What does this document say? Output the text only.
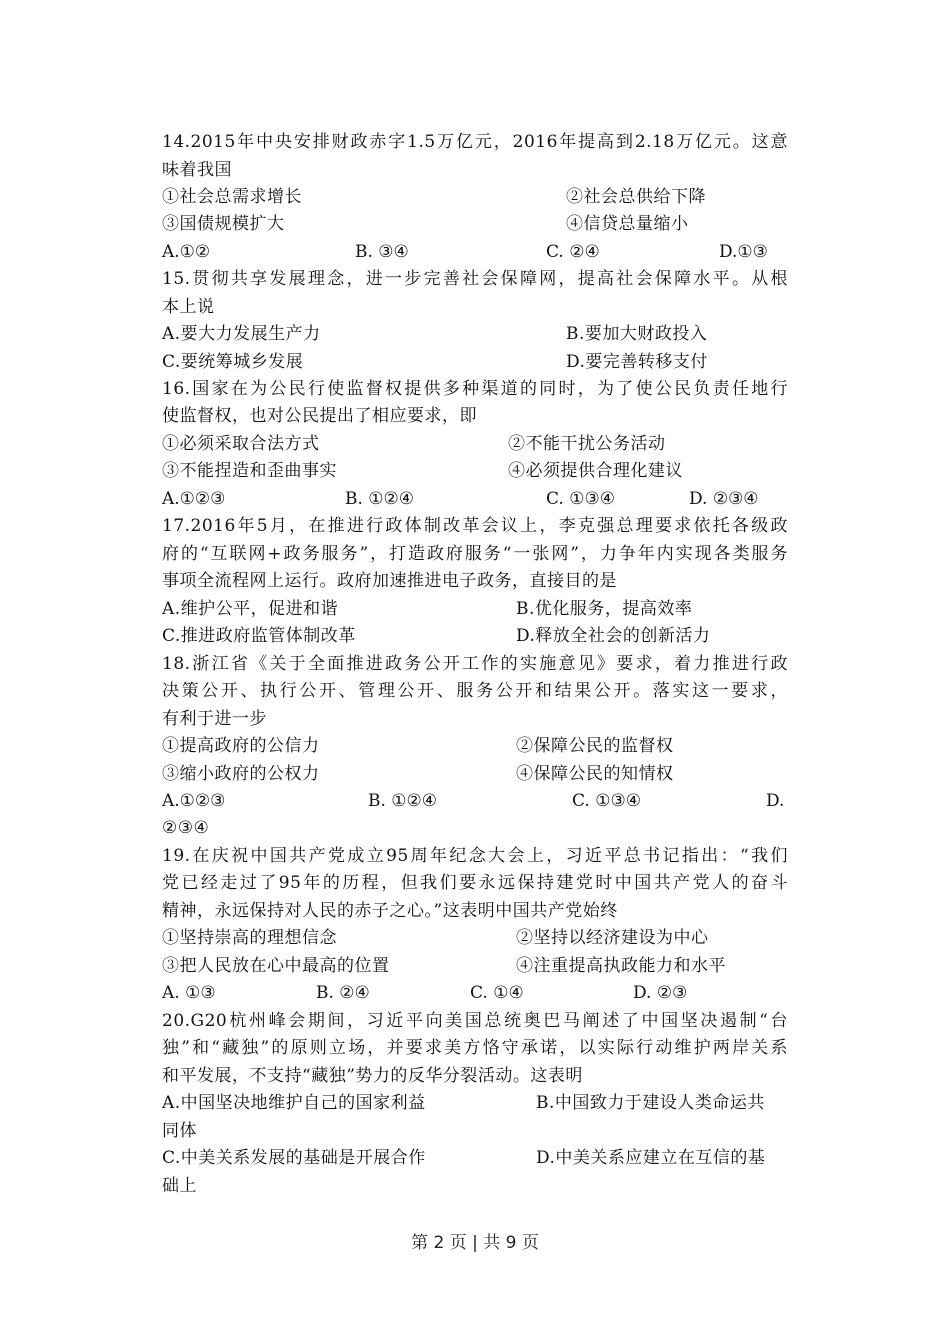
14.2015年中央安排财政赤字1.5万亿元，2016年提高到2.18万亿元。这意
味着我国
①社会总需求增长	②社会总供给下降
③国债规模扩大	④信贷总量缩小
A.①②	B. ③④	C. ②④	D.①③
15.贯彻共享发展理念，进一步完善社会保障网，提高社会保障水平。从根
本上说
A.要大力发展生产力	B.要加大财政投入
C.要统筹城乡发展	D.要完善转移支付
16.国家在为公民行使监督权提供多种渠道的同时，为了使公民负责任地行
使监督权，也对公民提出了相应要求，即
①必须采取合法方式	②不能干扰公务活动
③不能捏造和歪曲事实	④必须提供合理化建议
A.①②③	B. ①②④	C. ①③④	D. ②③④
17.2016年5月，在推进行政体制改革会议上，李克强总理要求依托各级政
府的“互联网+政务服务”，打造政府服务“一张网”，力争年内实现各类服务
事项全流程网上运行。政府加速推进电子政务，直接目的是
A.维护公平，促进和谐	B.优化服务，提高效率
C.推进政府监管体制改革	D.释放全社会的创新活力
18.浙江省《关于全面推进政务公开工作的实施意见》要求，着力推进行政
决策公开、执行公开、管理公开、服务公开和结果公开。落实这一要求，
有利于进一步
①提高政府的公信力	②保障公民的监督权
③缩小政府的公权力	④保障公民的知情权
A.①②③	B. ①②④	C. ①③④	D.
②③④
19.在庆祝中国共产党成立95周年纪念大会上，习近平总书记指出：“我们
党已经走过了95年的历程，但我们要永远保持建党时中国共产党人的奋斗
精神，永远保持对人民的赤子之心。”这表明中国共产党始终
①坚持崇高的理想信念	②坚持以经济建设为中心
③把人民放在心中最高的位置	④注重提高执政能力和水平
A. ①③	B. ②④	C. ①④	D. ②③
20.G20杭州峰会期间，习近平向美国总统奥巴马阐述了中国坚决遏制“台
独”和“藏独”的原则立场，并要求美方恪守承诺，以实际行动维护两岸关系
和平发展，不支持“藏独”势力的反华分裂活动。这表明
A.中国坚决地维护自己的国家利益	B.中国致力于建设人类命运共
同体
C.中美关系发展的基础是开展合作	D.中美关系应建立在互信的基
础上
第 2 页 | 共 9 页
